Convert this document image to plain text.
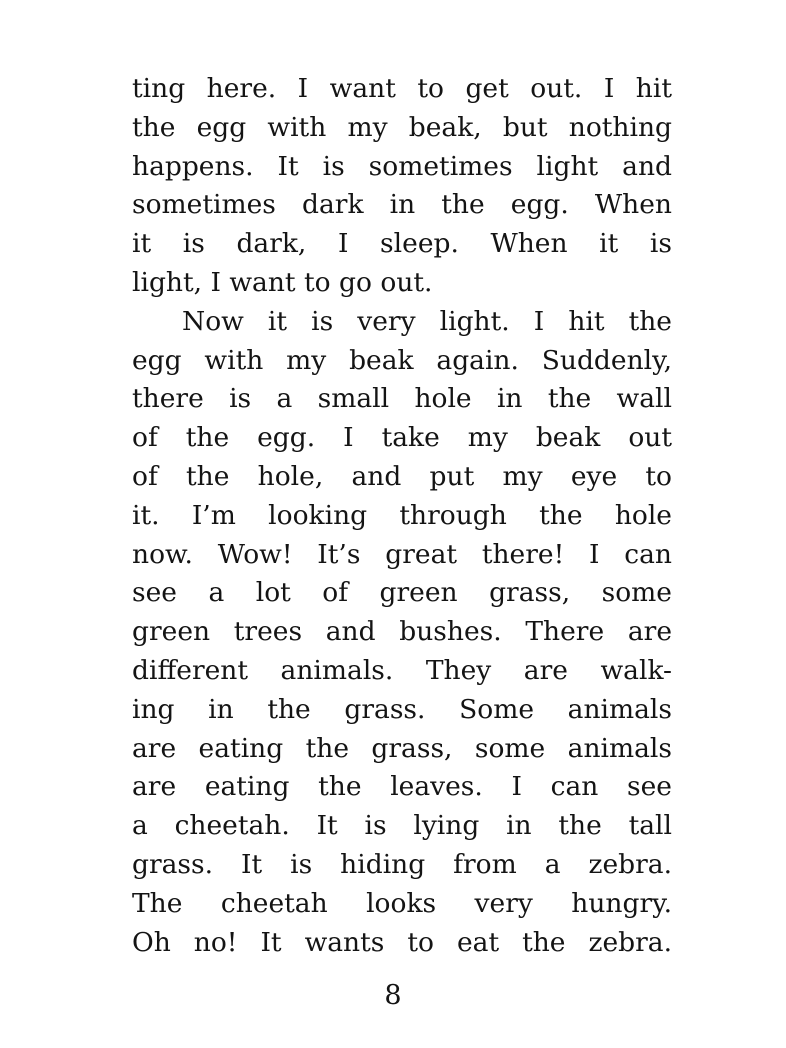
ting here. I want to get out. I hit
the egg with my beak, but nothing
happens. It is sometimes light and
sometimes dark in the egg. When
it is dark, I sleep. When it is
light, I want to go out.
Now it is very light. I hit the
egg with my beak again. Suddenly,
there is a small hole in the wall
of the egg. I take my beak out
of the hole, and put my eye to
it. I’m looking through the hole
now. Wow! It’s great there! I can
see a lot of green grass, some
green trees and bushes. There are
different animals. They are walk-
ing in the grass. Some animals
are eating the grass, some animals
are eating the leaves. I can see
a cheetah. It is lying in the tall
grass. It is hiding from a zebra.
The cheetah looks very hungry.
Oh no! It wants to eat the zebra.
8
